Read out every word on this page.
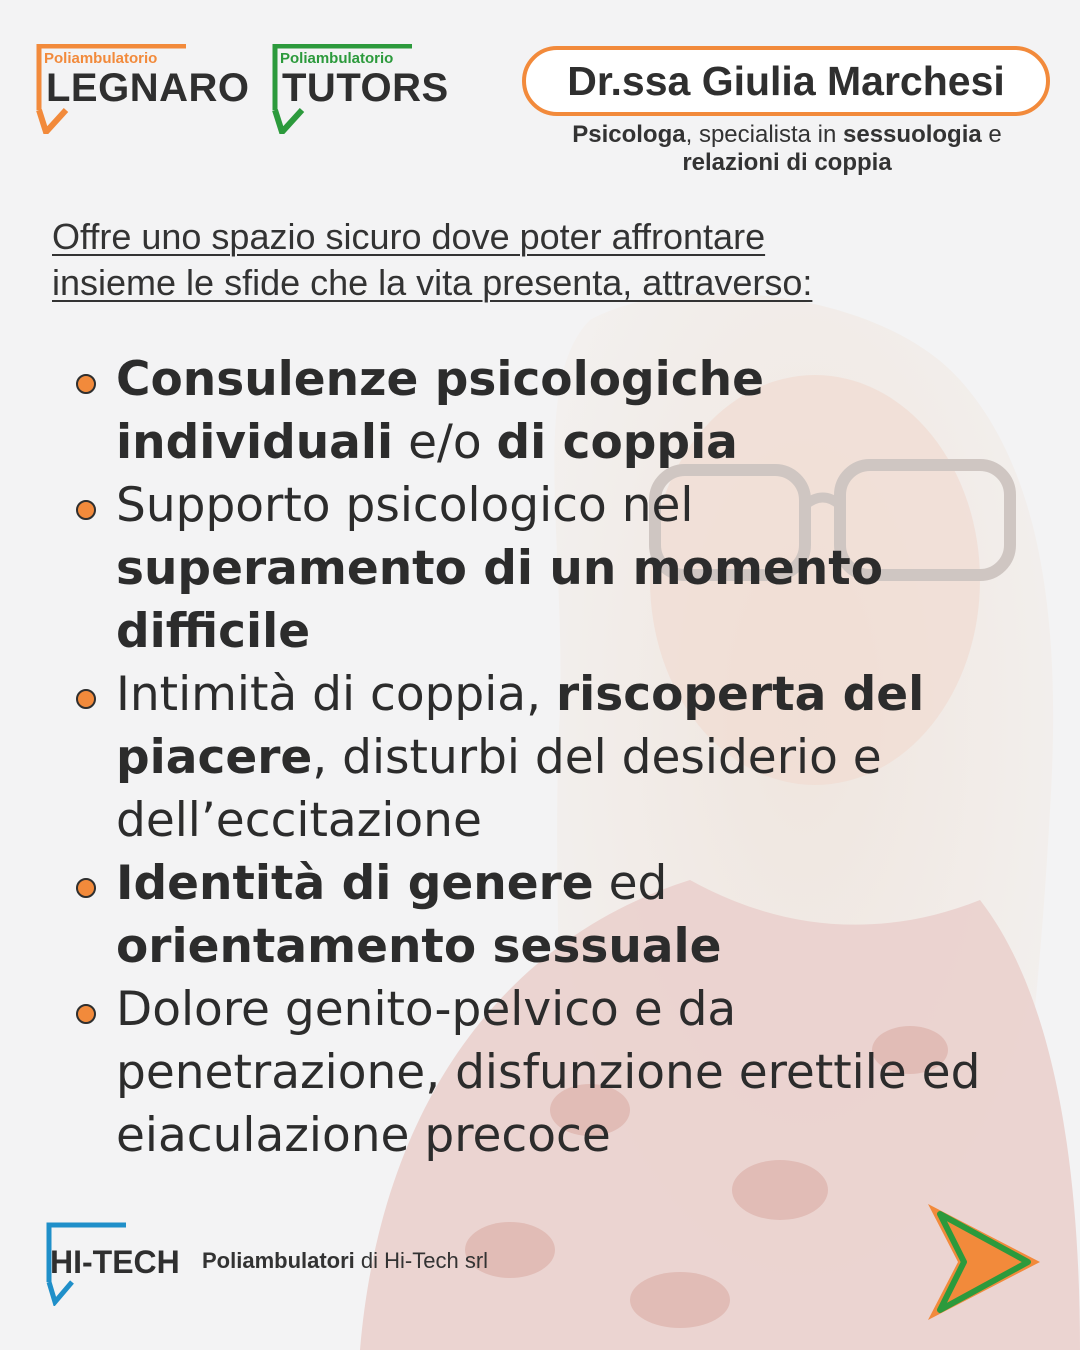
Poliambulatorio
LEGNARO
Poliambulatorio
TUTORS	Dr.ssa Giulia Marchesi
Psicologa, specialista in sessuologia e
relazioni di coppia
Offre uno spazio sicuro dove poter affrontare
insieme le sfide che la vita presenta, attraverso:
Consulenze psicologiche individuali e/o di coppia
Supporto psicologico nel superamento di un momento difficile
Intimità di coppia, riscoperta del piacere, disturbi del desiderio e dell’eccitazione
Identità di genere ed orientamento sessuale
Dolore genito-pelvico e da penetrazione, disfunzione erettile ed eiaculazione precoce
HI-TECH Poliambulatori di Hi-Tech srl
